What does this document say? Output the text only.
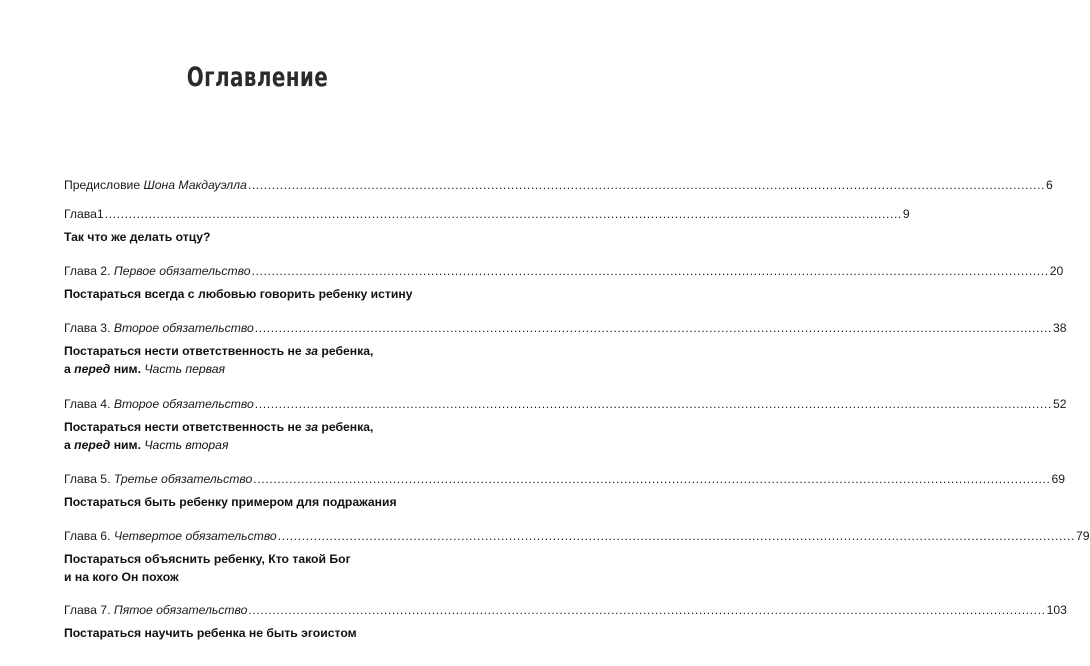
Оглавление
Предисловие Шона Макдауэлла ........................................................................................................................................................................................................ 6
Глава1 ........................................................................................................................................................................................................ 9
Так что же делать отцу?
Глава 2. Первое обязательство ........................................................................................................................................................................................................ 20
Постараться всегда с любовью говорить ребенку истину
Глава 3. Второе обязательство ........................................................................................................................................................................................................ 38
Постараться нести ответственность не за ребенка,
а перед ним. Часть первая
Глава 4. Второе обязательство ........................................................................................................................................................................................................ 52
Постараться нести ответственность не за ребенка,
а перед ним. Часть вторая
Глава 5. Третье обязательство ........................................................................................................................................................................................................ 69
Постараться быть ребенку примером для подражания
Глава 6. Четвертое обязательство ........................................................................................................................................................................................................ 79
Постараться объяснить ребенку, Кто такой Бог
и на кого Он похож
Глава 7. Пятое обязательство ........................................................................................................................................................................................................ 103
Постараться научить ребенка не быть эгоистом
